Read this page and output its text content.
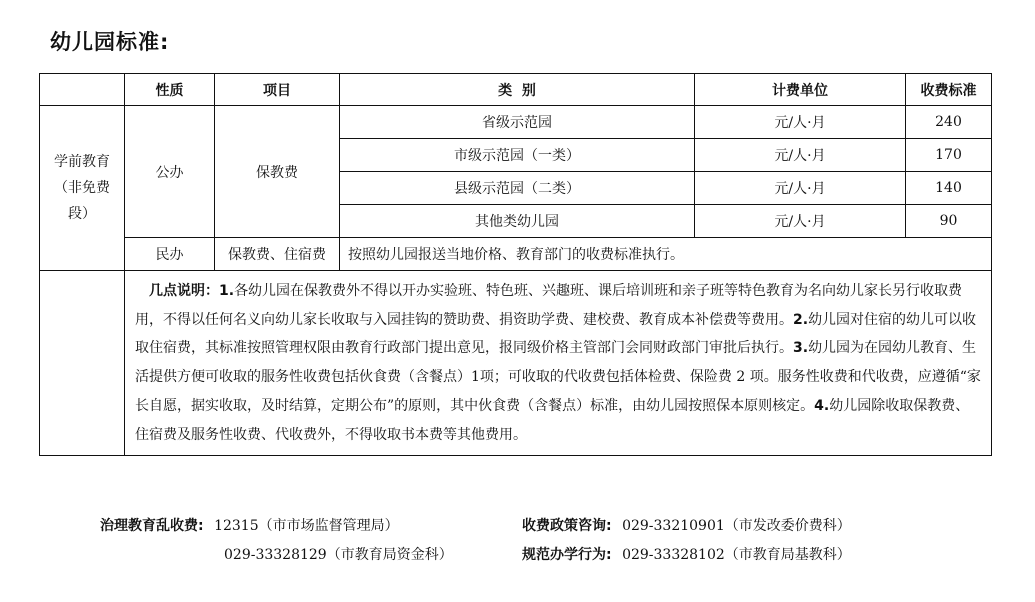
幼儿园标准:
	性质	项目	类  别	计费单位	收费标准

学前教育
（非免费
段）	公办	保教费	省级示范园	元/人·月	240
			市级示范园（一类）	元/人·月	170
			县级示范园（二类）	元/人·月	140
			其他类幼儿园	元/人·月	90
	民办	保教费、住宿费	按照幼儿园报送当地价格、教育部门的收费标准执行。		
	几点说明：1.各幼儿园在保教费外不得以开办实验班、特色班、兴趣班、课后培训班和亲子班等特色教育为名向幼儿家长另行收取费用，不得以任何名义向幼儿家长收取与入园挂钩的赞助费、捐资助学费、建校费、教育成本补偿费等费用。2.幼儿园对住宿的幼儿可以收取住宿费，其标准按照管理权限由教育行政部门提出意见，报同级价格主管部门会同财政部门审批后执行。3.幼儿园为在园幼儿教育、生活提供方便可收取的服务性收费包括伙食费（含餐点）1项；可收取的代收费包括体检费、保险费 2 项。服务性收费和代收费，应遵循“家长自愿，据实收取，及时结算，定期公布”的原则，其中伙食费（含餐点）标准，由幼儿园按照保本原则核定。4.幼儿园除收取保教费、住宿费及服务性收费、代收费外，不得收取书本费等其他费用。				
治理教育乱收费: 12315（市市场监督管理局）
029-33328129（市教育局资金科）
收费政策咨询: 029-33210901（市发改委价费科）
规范办学行为: 029-33328102（市教育局基教科）
